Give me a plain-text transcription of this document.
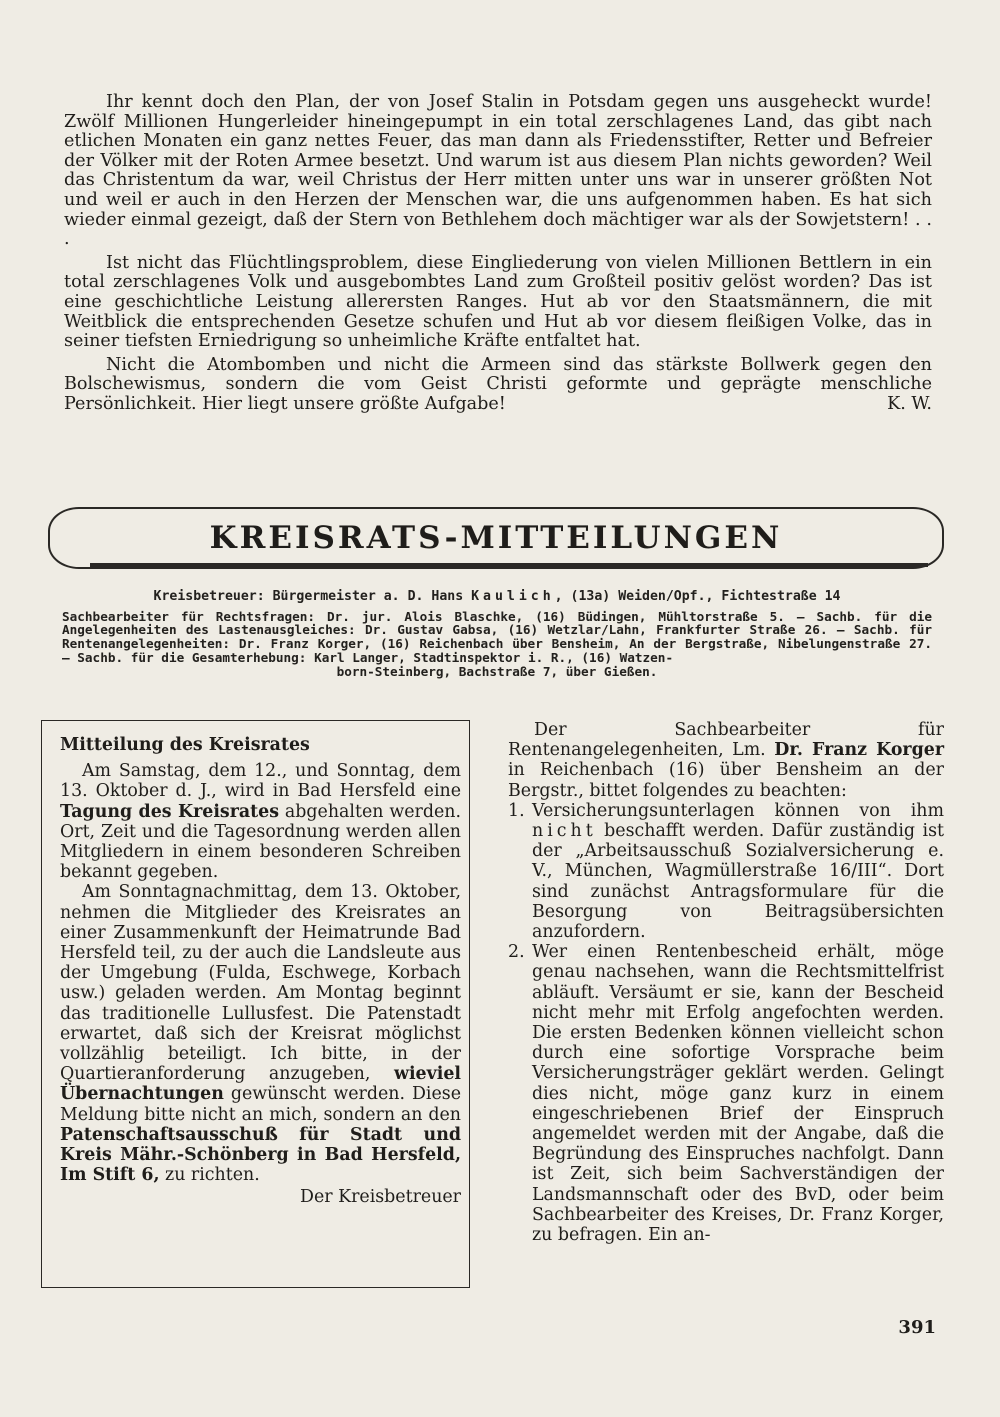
Ihr kennt doch den Plan, der von Josef Stalin in Potsdam gegen uns ausgeheckt wurde! Zwölf Millionen Hungerleider hineingepumpt in ein total zerschlagenes Land, das gibt nach etlichen Monaten ein ganz nettes Feuer, das man dann als Friedensstifter, Retter und Befreier der Völker mit der Roten Armee besetzt. Und warum ist aus diesem Plan nichts geworden? Weil das Christentum da war, weil Christus der Herr mitten unter uns war in unserer größten Not und weil er auch in den Herzen der Menschen war, die uns aufgenommen haben. Es hat sich wieder einmal gezeigt, daß der Stern von Bethlehem doch mächtiger war als der Sowjetstern! . . .

Ist nicht das Flüchtlingsproblem, diese Eingliederung von vielen Millionen Bettlern in ein total zerschlagenes Volk und ausgebombtes Land zum Großteil positiv gelöst worden? Das ist eine geschichtliche Leistung allerersten Ranges. Hut ab vor den Staatsmännern, die mit Weitblick die entsprechenden Gesetze schufen und Hut ab vor diesem fleißigen Volke, das in seiner tiefsten Erniedrigung so unheimliche Kräfte entfaltet hat.

Nicht die Atombomben und nicht die Armeen sind das stärkste Bollwerk gegen den Bolschewismus, sondern die vom Geist Christi geformte und geprägte menschliche Persönlichkeit. Hier liegt unsere größte Aufgabe!	K. W.

KREISRATS-MITTEILUNGEN
Kreisbetreuer: Bürgermeister a. D. Hans Kaulich, (13a) Weiden/Opf., Fichtestraße 14
Sachbearbeiter für Rechtsfragen: Dr. jur. Alois Blaschke, (16) Büdingen, Mühltorstraße 5. — Sachb. für die Angelegenheiten des Lastenausgleiches: Dr. Gustav Gabsa, (16) Wetzlar/Lahn, Frankfurter Straße 26. — Sachb. für Rentenangelegenheiten: Dr. Franz Korger, (16) Reichenbach über Bensheim, An der Bergstraße, Nibelungenstraße 27. — Sachb. für die Gesamterhebung: Karl Langer, Stadtinspektor i. R., (16) Watzen-
born-Steinberg, Bachstraße 7, über Gießen.
Mitteilung des Kreisrates

Am Samstag, dem 12., und Sonntag, dem 13. Oktober d. J., wird in Bad Hersfeld eine Tagung des Kreisrates abgehalten werden. Ort, Zeit und die Tagesordnung werden allen Mitgliedern in einem besonderen Schreiben bekannt gegeben.

Am Sonntagnachmittag, dem 13. Oktober, nehmen die Mitglieder des Kreisrates an einer Zusammenkunft der Heimatrunde Bad Hersfeld teil, zu der auch die Landsleute aus der Umgebung (Fulda, Eschwege, Korbach usw.) geladen werden. Am Montag beginnt das traditionelle Lullusfest. Die Patenstadt erwartet, daß sich der Kreisrat möglichst vollzählig beteiligt. Ich bitte, in der Quartieranforderung anzugeben, wieviel Übernachtungen gewünscht werden. Diese Meldung bitte nicht an mich, sondern an den Patenschaftsausschuß für Stadt und Kreis Mähr.-Schönberg in Bad Hersfeld, Im Stift 6, zu richten.

Der Kreisbetreuer

Der Sachbearbeiter für Rentenangelegenheiten, Lm. Dr. Franz Korger in Reichenbach (16) über Bensheim an der Bergstr., bittet folgendes zu beachten:

1. Versicherungsunterlagen können von ihm nicht beschafft werden. Dafür zuständig ist der „Arbeitsausschuß Sozialversicherung e. V., München, Wagmüllerstraße 16/III“. Dort sind zunächst Antragsformulare für die Besorgung von Beitragsübersichten anzufordern.
2. Wer einen Rentenbescheid erhält, möge genau nachsehen, wann die Rechtsmittelfrist abläuft. Versäumt er sie, kann der Bescheid nicht mehr mit Erfolg angefochten werden. Die ersten Bedenken können vielleicht schon durch eine sofortige Vorsprache beim Versicherungsträger geklärt werden. Gelingt dies nicht, möge ganz kurz in einem eingeschriebenen Brief der Einspruch angemeldet werden mit der Angabe, daß die Begründung des Einspruches nachfolgt. Dann ist Zeit, sich beim Sachverständigen der Landsmannschaft oder des BvD, oder beim Sachbearbeiter des Kreises, Dr. Franz Korger, zu befragen. Ein an-
391
